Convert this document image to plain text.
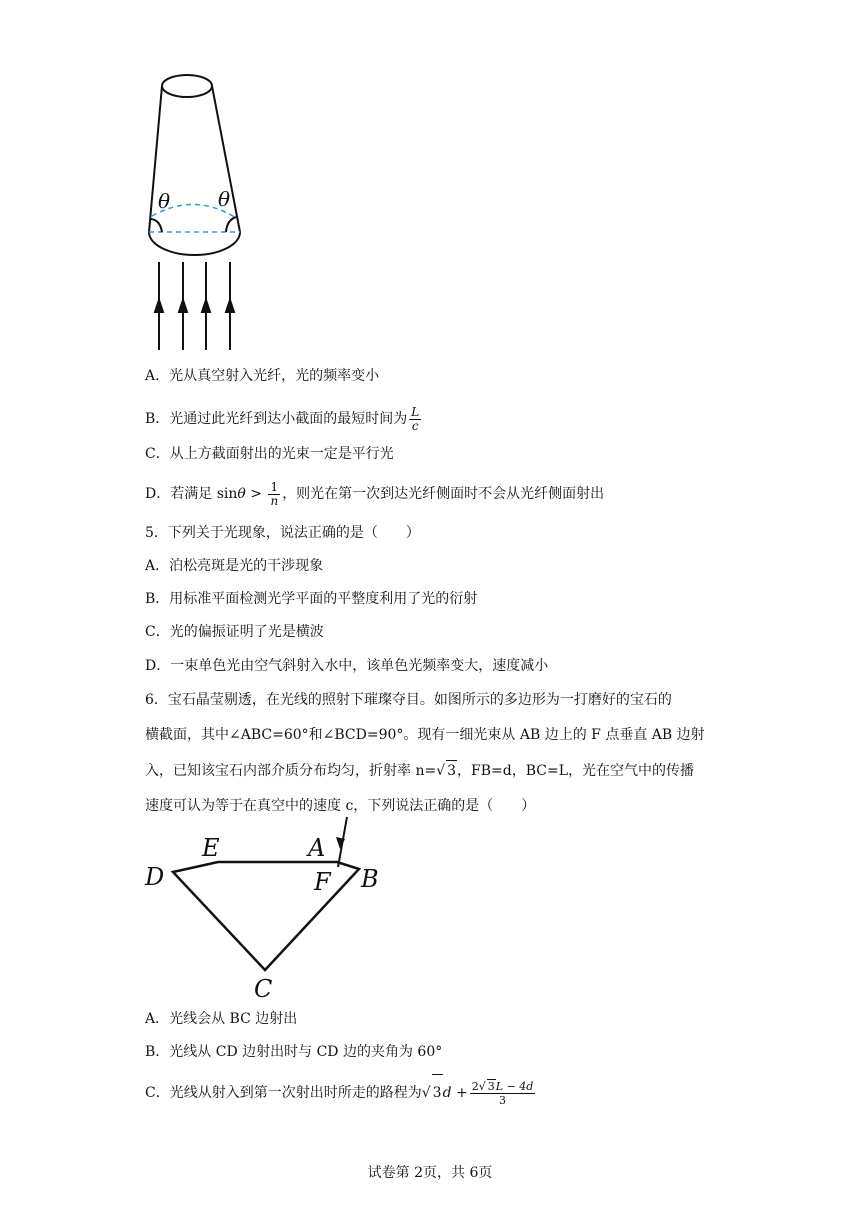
θ θ
A．光从真空射入光纤，光的频率变小
B．光通过此光纤到达小截面的最短时间为 $\frac{L}{c}$
C．从上方截面射出的光束一定是平行光
D．若满足 $\sin\theta > \frac{1}{n}$ ，则光在第一次到达光纤侧面时不会从光纤侧面射出
5．下列关于光现象，说法正确的是（　　）
A．泊松亮斑是光的干涉现象
B．用标准平面检测光学平面的平整度利用了光的衍射
C．光的偏振证明了光是横波
D．一束单色光由空气斜射入水中，该单色光频率变大，速度减小
6．宝石晶莹剔透，在光线的照射下璀璨夺目。如图所示的多边形为一打磨好的宝石的
横截面，其中∠ABC=60°和∠BCD=90°。现有一细光束从 AB 边上的 F 点垂直 AB 边射
入，已知该宝石内部介质分布均匀，折射率 n=√ 3，FB=d，BC=L，光在空气中的传播
速度可认为等于在真空中的速度 c，下列说法正确的是（　　）
D
E	A
F B
C
A．光线会从 BC 边射出
B．光线从 CD 边射出时与 CD 边的夹角为 60°
C．光线从射入到第一次射出时所走的路程为√ $3d + \frac{2√ 3L - 4d}{3}$
试卷第 2页，共 6页
